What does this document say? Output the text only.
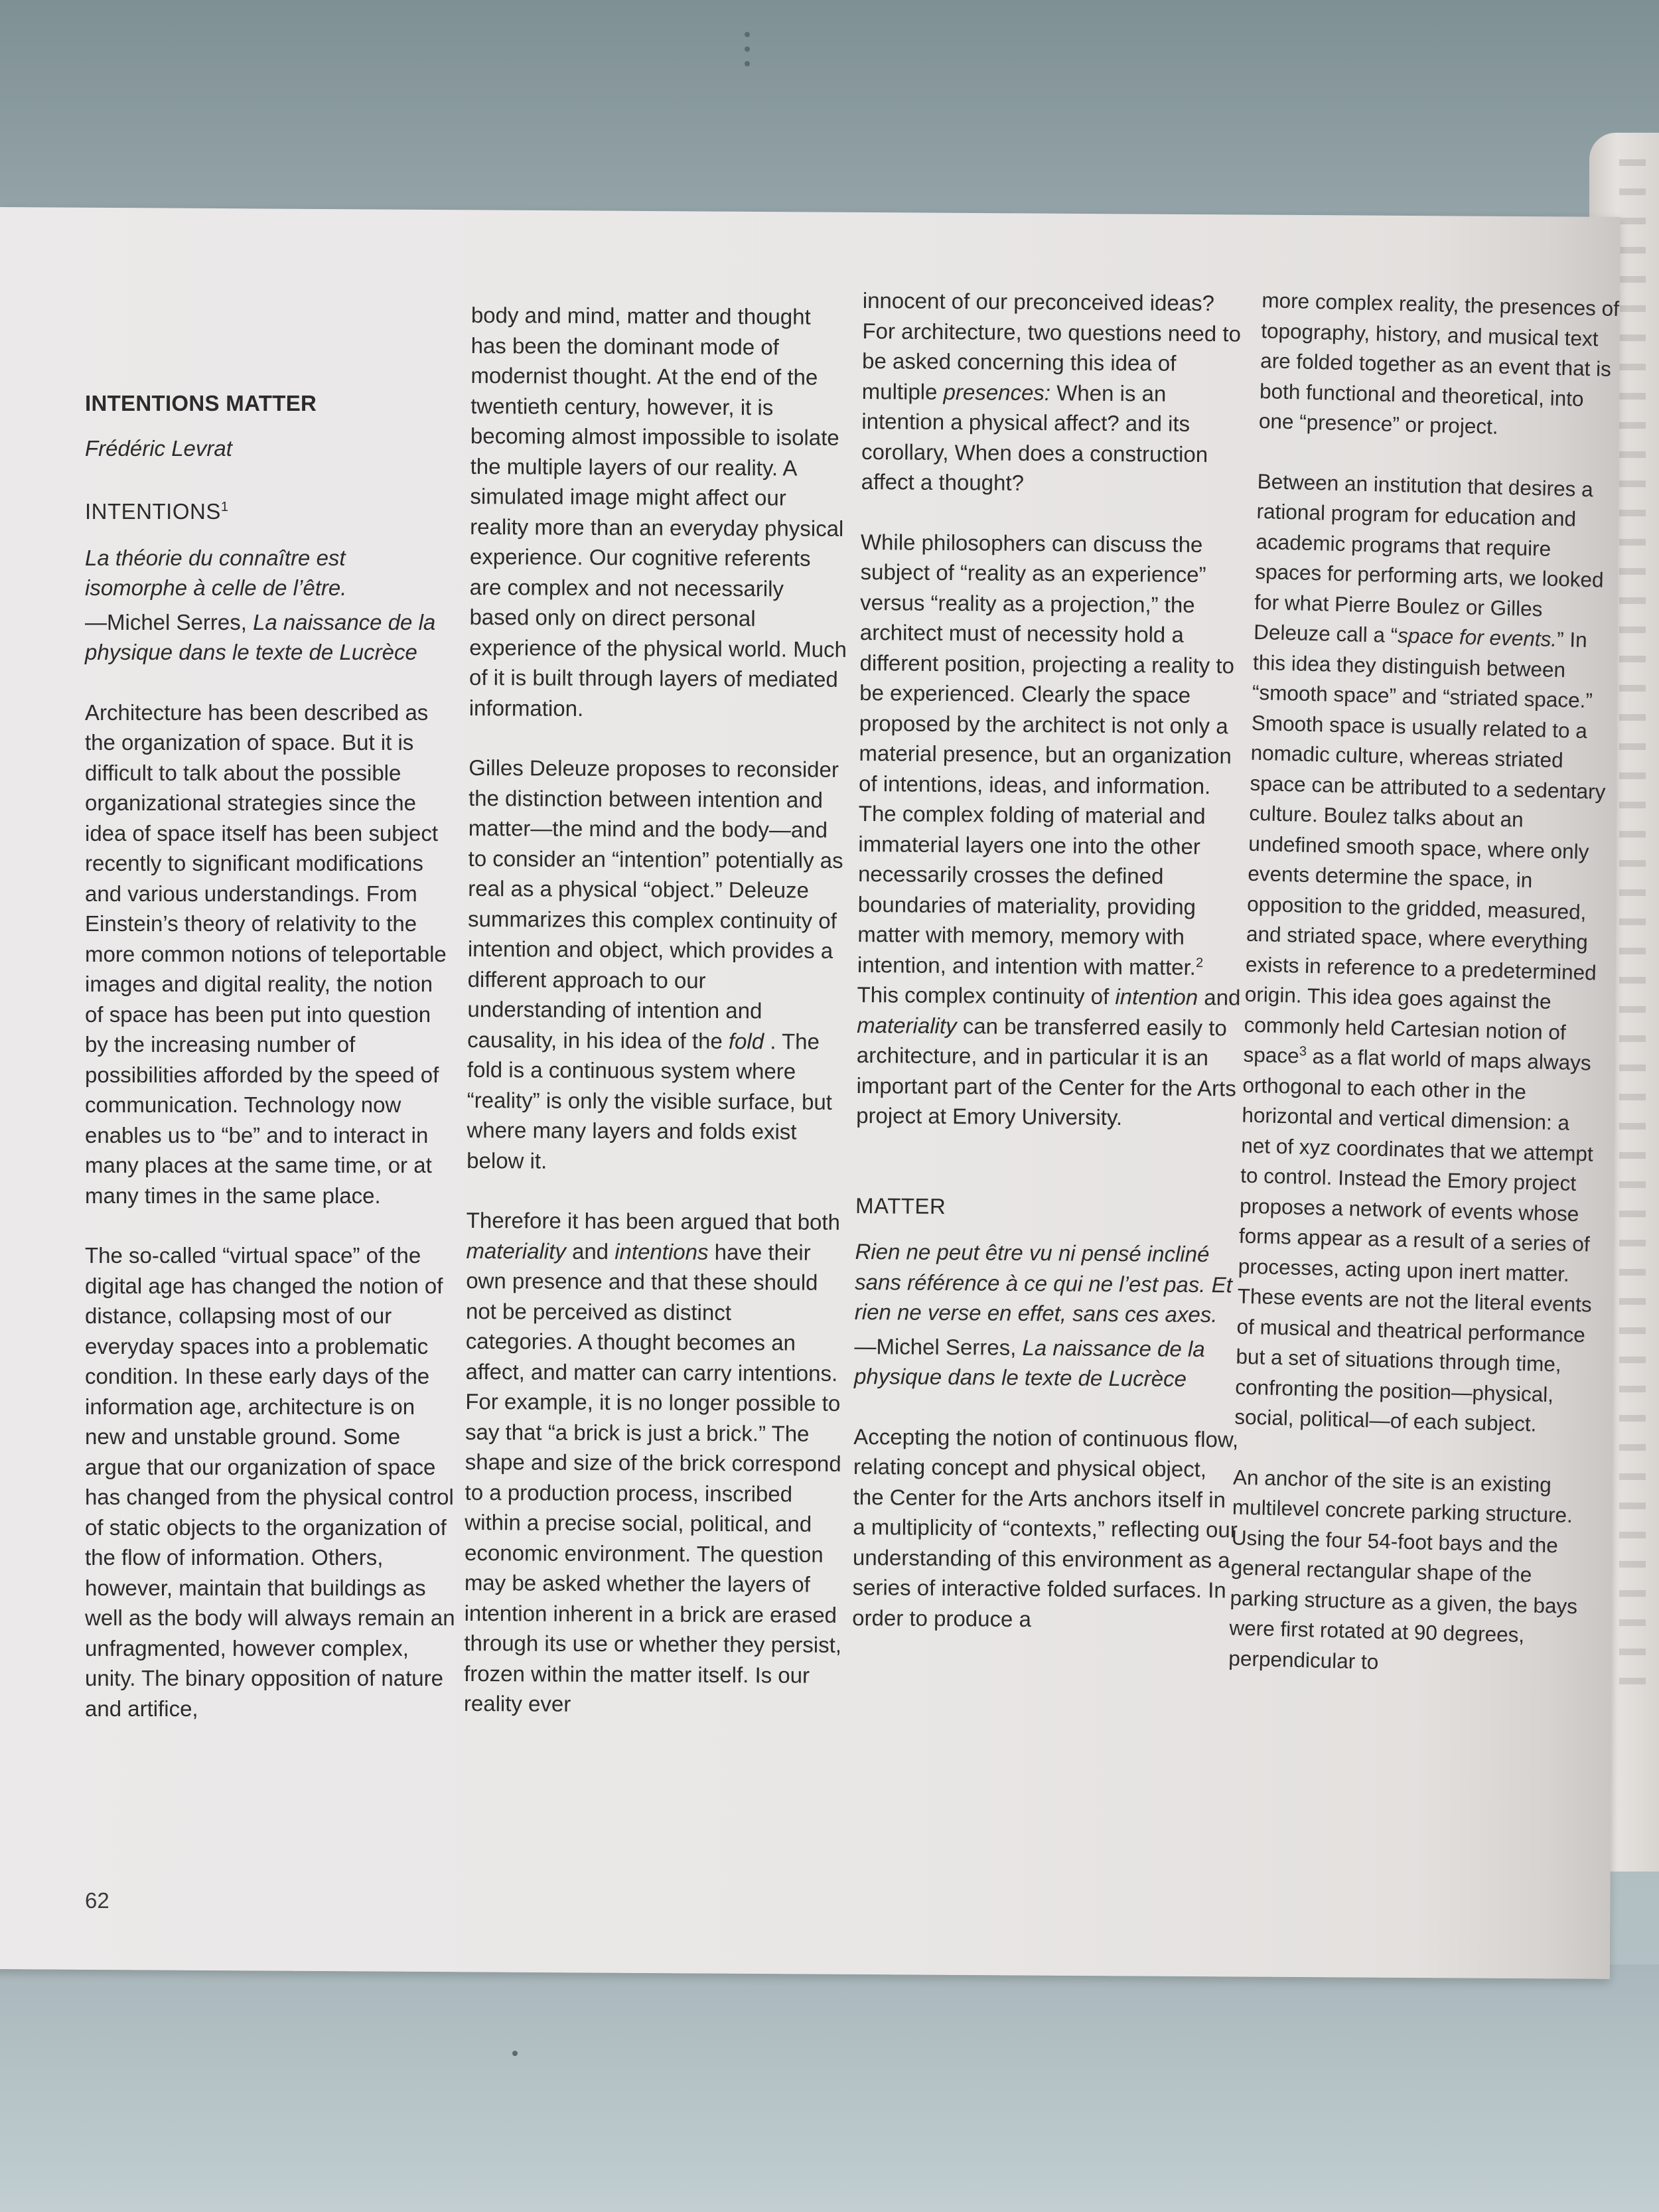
INTENTIONS MATTER

Frédéric Levrat

INTENTIONS$^1$

La théorie du connaître est
isomorphe à celle de l’être.

—Michel Serres, La naissance de la physique dans le texte de Lucrèce

Architecture has been described as the organization of space. But it is difficult to talk about the possible organizational strategies since the idea of space itself has been subject recently to significant modifications and various understandings. From Einstein’s theory of relativity to the more common notions of teleportable images and digital reality, the notion of space has been put into question by the increasing number of possibilities afforded by the speed of communication. Technology now enables us to “be” and to interact in many places at the same time, or at many times in the same place.

The so-called “virtual space” of the digital age has changed the notion of distance, collapsing most of our everyday spaces into a problematic condition. In these early days of the information age, architecture is on new and unstable ground. Some argue that our organization of space has changed from the physical control of static objects to the organization of the flow of information. Others, however, maintain that buildings as well as the body will always remain an unfragmented, however complex, unity. The binary opposition of nature and artifice,

body and mind, matter and thought has been the dominant mode of modernist thought. At the end of the twentieth century, however, it is becoming almost impossible to isolate the multiple layers of our reality. A simulated image might affect our reality more than an everyday physical experience. Our cognitive referents are complex and not necessarily based only on direct personal experience of the physical world. Much of it is built through layers of mediated information.

Gilles Deleuze proposes to reconsider the distinction between intention and matter—the mind and the body—and to consider an “intention” potentially as real as a physical “object.” Deleuze summarizes this complex continuity of intention and object, which provides a different approach to our understanding of intention and causality, in his idea of the fold . The fold is a continuous system where “reality” is only the visible surface, but where many layers and folds exist below it.

Therefore it has been argued that both materiality and intentions have their own presence and that these should not be perceived as distinct categories. A thought becomes an affect, and matter can carry intentions. For example, it is no longer possible to say that “a brick is just a brick.” The shape and size of the brick correspond to a production process, inscribed within a precise social, political, and economic environment. The question may be asked whether the layers of intention inherent in a brick are erased through its use or whether they persist, frozen within the matter itself. Is our reality ever

innocent of our preconceived ideas? For architecture, two questions need to be asked concerning this idea of multiple presences: When is an intention a physical affect? and its corollary, When does a construction affect a thought?

While philosophers can discuss the subject of “reality as an experience” versus “reality as a projection,” the architect must of necessity hold a different position, projecting a reality to be experienced. Clearly the space proposed by the architect is not only a material presence, but an organization of intentions, ideas, and information. The complex folding of material and immaterial layers one into the other necessarily crosses the defined boundaries of materiality, providing matter with memory, memory with intention, and intention with matter.$^2$ This complex continuity of intention and materiality can be transferred easily to architecture, and in particular it is an important part of the Center for the Arts project at Emory University.

MATTER

Rien ne peut être vu ni pensé incliné sans référence à ce qui ne l’est pas. Et rien ne verse en effet, sans ces axes.

—Michel Serres, La naissance de la physique dans le texte de Lucrèce

Accepting the notion of continuous flow, relating concept and physical object, the Center for the Arts anchors itself in a multiplicity of “contexts,” reflecting our understanding of this environment as a series of interactive folded surfaces. In order to produce a

more complex reality, the presences of topography, history, and musical text are folded together as an event that is both functional and theoretical, into one “presence” or project.

Between an institution that desires a rational program for education and academic programs that require spaces for performing arts, we looked for what Pierre Boulez or Gilles Deleuze call a “space for events.” In this idea they distinguish between “smooth space” and “striated space.” Smooth space is usually related to a nomadic culture, whereas striated space can be attributed to a sedentary culture. Boulez talks about an undefined smooth space, where only events determine the space, in opposition to the gridded, measured, and striated space, where everything exists in reference to a predetermined origin. This idea goes against the commonly held Cartesian notion of space$^3$ as a flat world of maps always orthogonal to each other in the horizontal and vertical dimension: a net of xyz coordinates that we attempt to control. Instead the Emory project proposes a network of events whose forms appear as a result of a series of processes, acting upon inert matter. These events are not the literal events of musical and theatrical performance but a set of situations through time, confronting the position—physical, social, political—of each subject.

An anchor of the site is an existing multilevel concrete parking structure. Using the four 54-foot bays and the general rectangular shape of the parking structure as a given, the bays were first rotated at 90 degrees, perpendicular to

62
